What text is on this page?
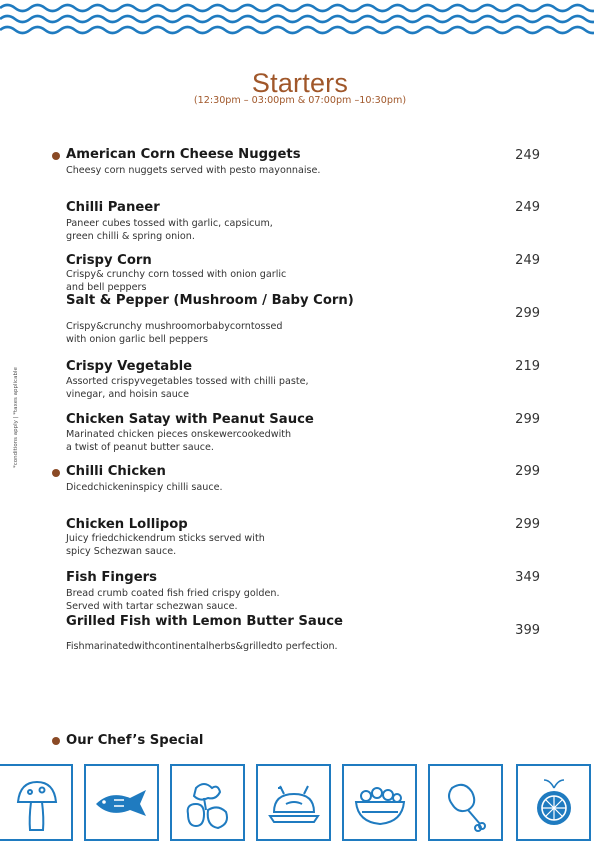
Starters
(12:30pm – 03:00pm & 07:00pm –10:30pm)
*conditions apply | *taxes applicable
American Corn Cheese Nuggets
Cheesy corn nuggets served with pesto mayonnaise.
249
Chilli Paneer
Paneer cubes tossed with garlic, capsicum,
green chilli & spring onion.
249
Crispy Corn
Crispy& crunchy corn tossed with onion garlic
and bell peppers
249
Salt & Pepper (Mushroom / Baby Corn)
Crispy&crunchy mushroomorbabycorntossed
with onion garlic bell peppers
299
Crispy Vegetable
Assorted crispyvegetables tossed with chilli paste,
vinegar, and hoisin sauce
219
Chicken Satay with Peanut Sauce
Marinated chicken pieces onskewercookedwith
a twist of peanut butter sauce.
299
Chilli Chicken
Dicedchickeninspicy chilli sauce.
299
Chicken Lollipop
Juicy friedchickendrum sticks served with
spicy Schezwan sauce.
299
Fish Fingers
Bread crumb coated fish fried crispy golden.
Served with tartar schezwan sauce.
349
Grilled Fish with Lemon Butter Sauce
Fishmarinatedwithcontinentalherbs&grilledto perfection.
399
Our Chef’s Special
